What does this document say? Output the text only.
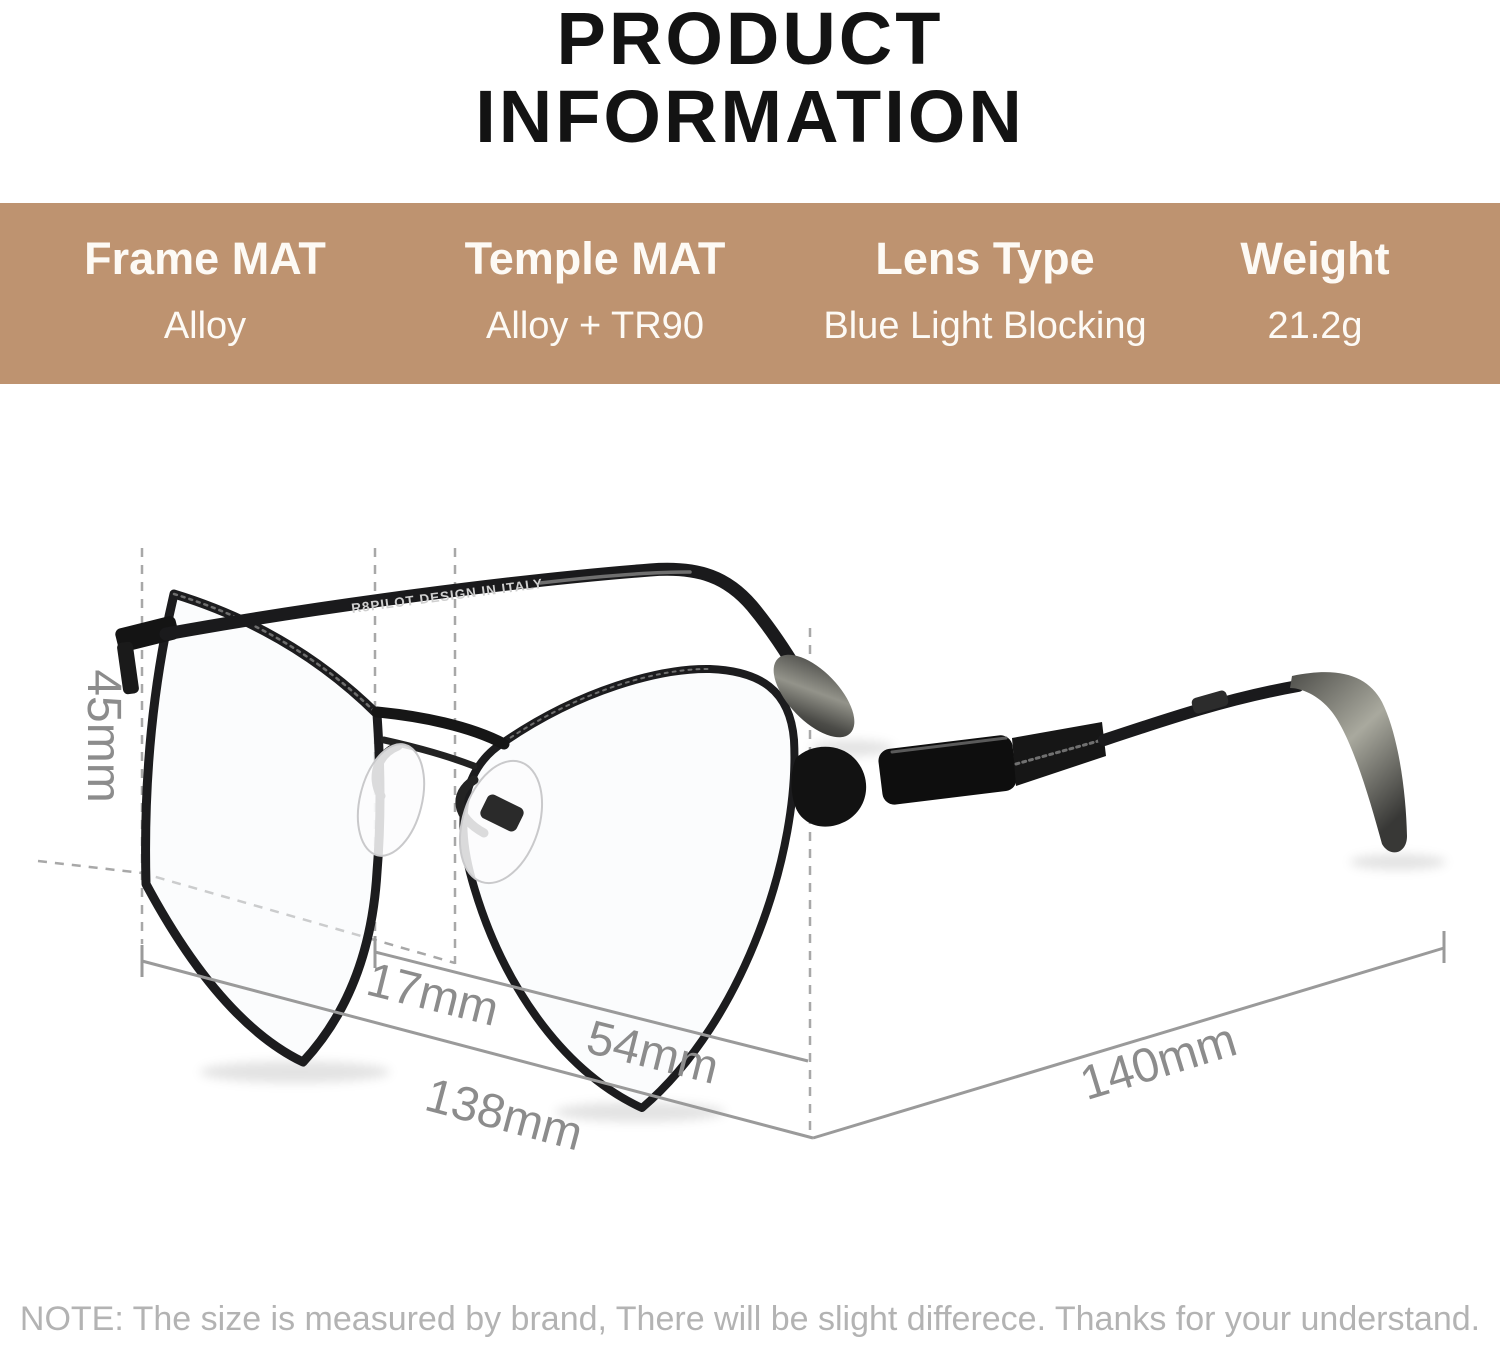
PRODUCT
INFORMATION
Frame MAT
Alloy
Temple MAT
Alloy + TR90
Lens Type
Blue Light Blocking
Weight
21.2g
R8PILOT DESIGN IN ITALY
45mm
17mm
54mm
138mm
140mm
NOTE: The size is measured by brand, There will be slight differece. Thanks for your understand.
